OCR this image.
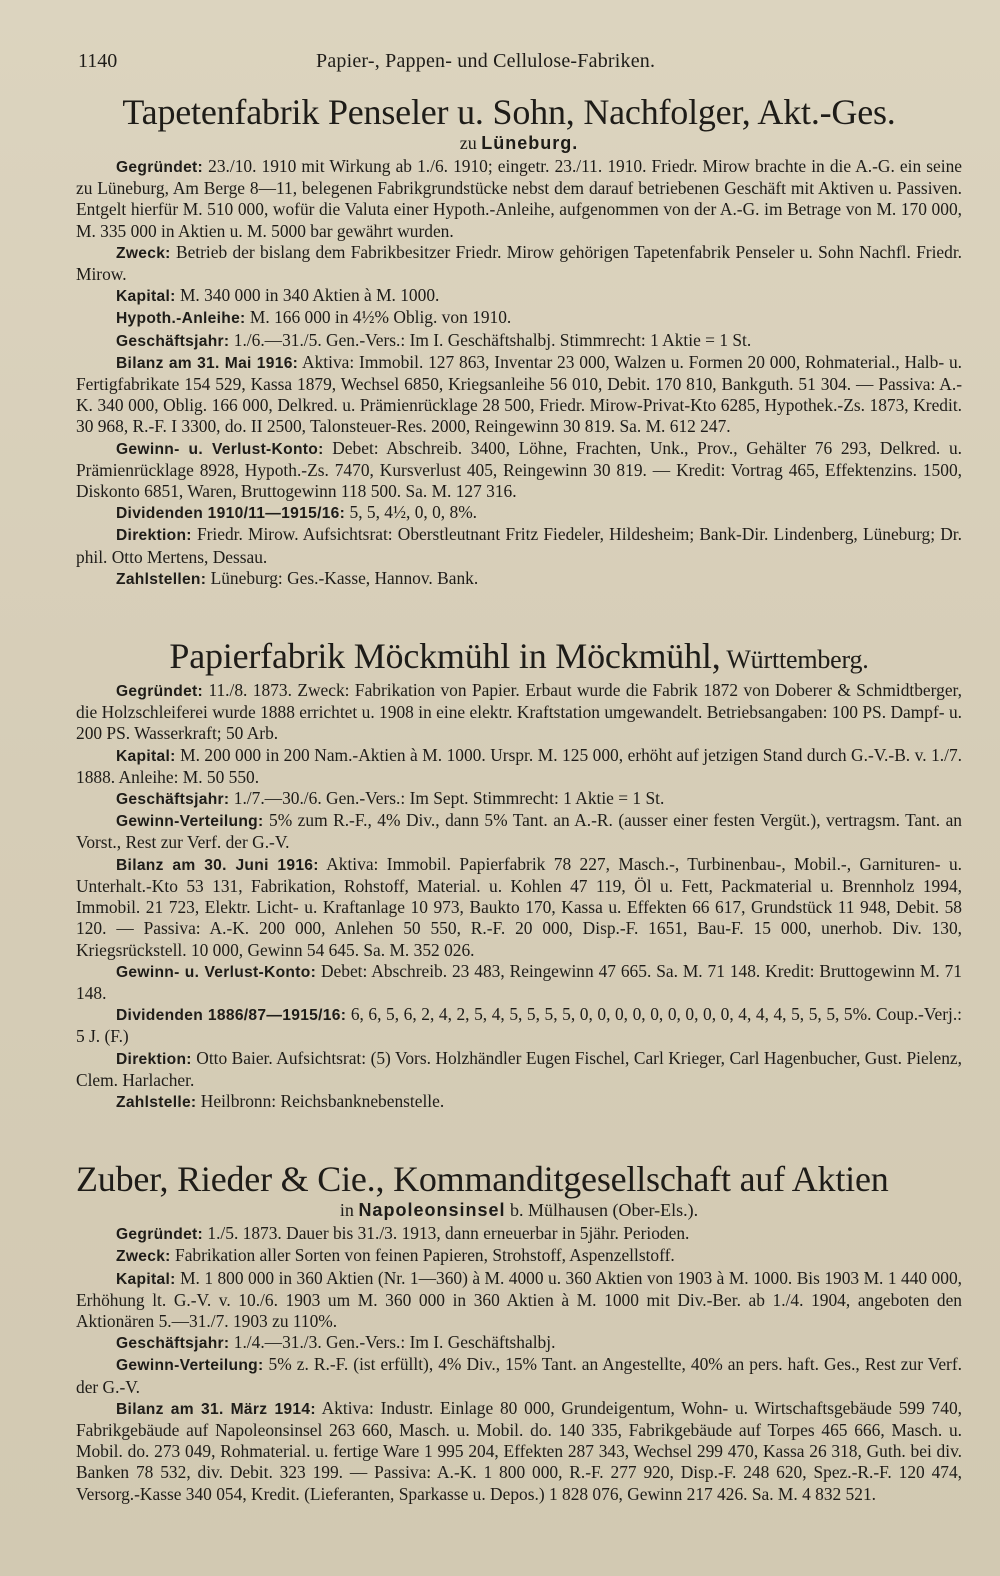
1140	Papier-, Pappen- und Cellulose-Fabriken.
Tapetenfabrik Penseler u. Sohn, Nachfolger, Akt.-Ges.
zu Lüneburg.

Gegründet: 23./10. 1910 mit Wirkung ab 1./6. 1910; eingetr. 23./11. 1910. Friedr. Mirow brachte in die A.-G. ein seine zu Lüneburg, Am Berge 8—11, belegenen Fabrikgrundstücke nebst dem darauf betriebenen Geschäft mit Aktiven u. Passiven. Entgelt hierfür M. 510 000, wofür die Valuta einer Hypoth.-Anleihe, aufgenommen von der A.-G. im Betrage von M. 170 000, M. 335 000 in Aktien u. M. 5000 bar gewährt wurden.

Zweck: Betrieb der bislang dem Fabrikbesitzer Friedr. Mirow gehörigen Tapetenfabrik Penseler u. Sohn Nachfl. Friedr. Mirow.

Kapital: M. 340 000 in 340 Aktien à M. 1000.

Hypoth.-Anleihe: M. 166 000 in 4½% Oblig. von 1910.

Geschäftsjahr: 1./6.—31./5. Gen.-Vers.: Im I. Geschäftshalbj. Stimmrecht: 1 Aktie = 1 St.

Bilanz am 31. Mai 1916: Aktiva: Immobil. 127 863, Inventar 23 000, Walzen u. Formen 20 000, Rohmaterial., Halb- u. Fertigfabrikate 154 529, Kassa 1879, Wechsel 6850, Kriegsanleihe 56 010, Debit. 170 810, Bankguth. 51 304. — Passiva: A.-K. 340 000, Oblig. 166 000, Delkred. u. Prämienrücklage 28 500, Friedr. Mirow-Privat-Kto 6285, Hypothek.-Zs. 1873, Kredit. 30 968, R.-F. I 3300, do. II 2500, Talonsteuer-Res. 2000, Reingewinn 30 819. Sa. M. 612 247.

Gewinn- u. Verlust-Konto: Debet: Abschreib. 3400, Löhne, Frachten, Unk., Prov., Gehälter 76 293, Delkred. u. Prämienrücklage 8928, Hypoth.-Zs. 7470, Kursverlust 405, Reingewinn 30 819. — Kredit: Vortrag 465, Effektenzins. 1500, Diskonto 6851, Waren, Bruttogewinn 118 500. Sa. M. 127 316.

Dividenden 1910/11—1915/16: 5, 5, 4½, 0, 0, 8%.

Direktion: Friedr. Mirow. Aufsichtsrat: Oberstleutnant Fritz Fiedeler, Hildesheim; Bank-Dir. Lindenberg, Lüneburg; Dr. phil. Otto Mertens, Dessau.

Zahlstellen: Lüneburg: Ges.-Kasse, Hannov. Bank.

Papierfabrik Möckmühl in Möckmühl, Württemberg.

Gegründet: 11./8. 1873. Zweck: Fabrikation von Papier. Erbaut wurde die Fabrik 1872 von Doberer & Schmidtberger, die Holzschleiferei wurde 1888 errichtet u. 1908 in eine elektr. Kraftstation umgewandelt. Betriebsangaben: 100 PS. Dampf- u. 200 PS. Wasserkraft; 50 Arb.

Kapital: M. 200 000 in 200 Nam.-Aktien à M. 1000. Urspr. M. 125 000, erhöht auf jetzigen Stand durch G.-V.-B. v. 1./7. 1888. Anleihe: M. 50 550.

Geschäftsjahr: 1./7.—30./6. Gen.-Vers.: Im Sept. Stimmrecht: 1 Aktie = 1 St.

Gewinn-Verteilung: 5% zum R.-F., 4% Div., dann 5% Tant. an A.-R. (ausser einer festen Vergüt.), vertragsm. Tant. an Vorst., Rest zur Verf. der G.-V.

Bilanz am 30. Juni 1916: Aktiva: Immobil. Papierfabrik 78 227, Masch.-, Turbinenbau-, Mobil.-, Garnituren- u. Unterhalt.-Kto 53 131, Fabrikation, Rohstoff, Material. u. Kohlen 47 119, Öl u. Fett, Packmaterial u. Brennholz 1994, Immobil. 21 723, Elektr. Licht- u. Kraftanlage 10 973, Baukto 170, Kassa u. Effekten 66 617, Grundstück 11 948, Debit. 58 120. — Passiva: A.-K. 200 000, Anlehen 50 550, R.-F. 20 000, Disp.-F. 1651, Bau-F. 15 000, unerhob. Div. 130, Kriegsrückstell. 10 000, Gewinn 54 645. Sa. M. 352 026.

Gewinn- u. Verlust-Konto: Debet: Abschreib. 23 483, Reingewinn 47 665. Sa. M. 71 148. Kredit: Bruttogewinn M. 71 148.

Dividenden 1886/87—1915/16: 6, 6, 5, 6, 2, 4, 2, 5, 4, 5, 5, 5, 5, 0, 0, 0, 0, 0, 0, 0, 0, 0, 4, 4, 4, 5, 5, 5, 5%. Coup.-Verj.: 5 J. (F.)

Direktion: Otto Baier. Aufsichtsrat: (5) Vors. Holzhändler Eugen Fischel, Carl Krieger, Carl Hagenbucher, Gust. Pielenz, Clem. Harlacher.

Zahlstelle: Heilbronn: Reichsbanknebenstelle.

Zuber, Rieder & Cie., Kommanditgesellschaft auf Aktien
in Napoleonsinsel b. Mülhausen (Ober-Els.).

Gegründet: 1./5. 1873. Dauer bis 31./3. 1913, dann erneuerbar in 5jähr. Perioden.

Zweck: Fabrikation aller Sorten von feinen Papieren, Strohstoff, Aspenzellstoff.

Kapital: M. 1 800 000 in 360 Aktien (Nr. 1—360) à M. 4000 u. 360 Aktien von 1903 à M. 1000. Bis 1903 M. 1 440 000, Erhöhung lt. G.-V. v. 10./6. 1903 um M. 360 000 in 360 Aktien à M. 1000 mit Div.-Ber. ab 1./4. 1904, angeboten den Aktionären 5.—31./7. 1903 zu 110%.

Geschäftsjahr: 1./4.—31./3. Gen.-Vers.: Im I. Geschäftshalbj.

Gewinn-Verteilung: 5% z. R.-F. (ist erfüllt), 4% Div., 15% Tant. an Angestellte, 40% an pers. haft. Ges., Rest zur Verf. der G.-V.

Bilanz am 31. März 1914: Aktiva: Industr. Einlage 80 000, Grundeigentum, Wohn- u. Wirtschaftsgebäude 599 740, Fabrikgebäude auf Napoleonsinsel 263 660, Masch. u. Mobil. do. 140 335, Fabrikgebäude auf Torpes 465 666, Masch. u. Mobil. do. 273 049, Rohmaterial. u. fertige Ware 1 995 204, Effekten 287 343, Wechsel 299 470, Kassa 26 318, Guth. bei div. Banken 78 532, div. Debit. 323 199. — Passiva: A.-K. 1 800 000, R.-F. 277 920, Disp.-F. 248 620, Spez.-R.-F. 120 474, Versorg.-Kasse 340 054, Kredit. (Lieferanten, Sparkasse u. Depos.) 1 828 076, Gewinn 217 426. Sa. M. 4 832 521.
